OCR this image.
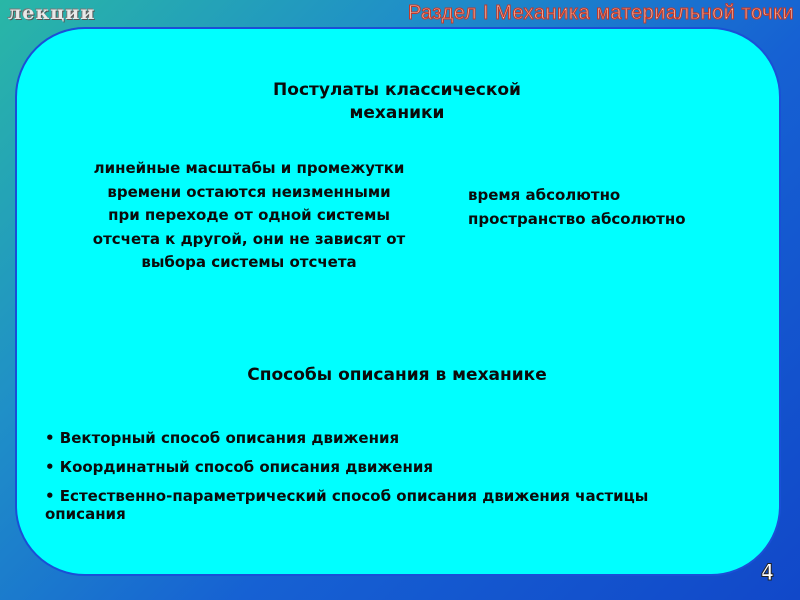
лекции	Раздел I Механика материальной точки
Постулаты классической
механики
линейные масштабы и промежутки
времени остаются неизменными
при переходе от одной системы
отсчета к другой, они не зависят от
выбора системы отсчета
время абсолютно
пространство абсолютно
Способы описания в механике
• Векторный способ описания движения
• Координатный способ описания движения
• Естественно-параметрический способ описания движения частицы
описания
4
